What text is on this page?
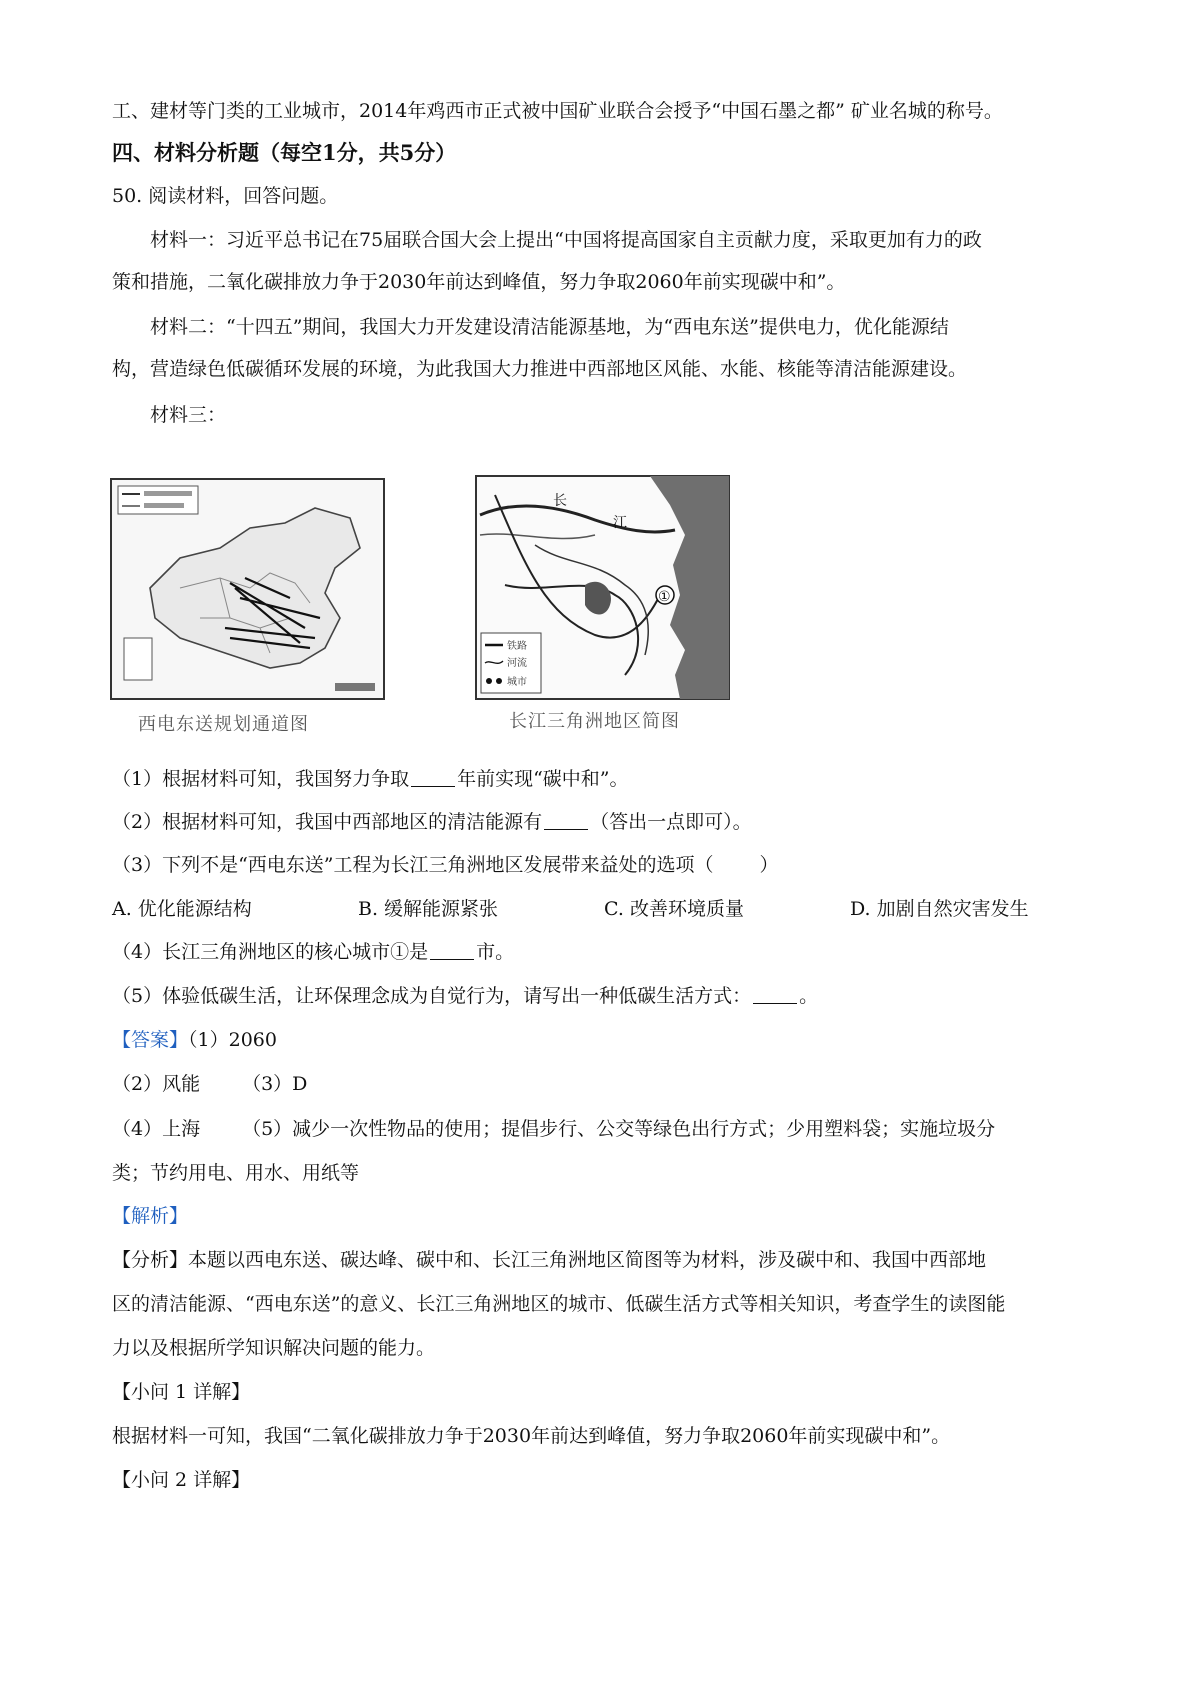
工、建材等门类的工业城市，2014年鸡西市正式被中国矿业联合会授予“中国石墨之都” 矿业名城的称号。
四、材料分析题（每空1分，共5分）
50. 阅读材料，回答问题。
材料一：习近平总书记在75届联合国大会上提出“中国将提高国家自主贡献力度，采取更加有力的政
策和措施，二氧化碳排放力争于2030年前达到峰值，努力争取2060年前实现碳中和”。
材料二：“十四五”期间，我国大力开发建设清洁能源基地，为“西电东送”提供电力，优化能源结
构，营造绿色低碳循环发展的环境，为此我国大力推进中西部地区风能、水能、核能等清洁能源建设。
材料三：
西电东送规划通道图
①
长
江
铁路
河流
城市
长江三角洲地区简图
（1）根据材料可知，我国努力争取	年前实现“碳中和”。
（2）根据材料可知，我国中西部地区的清洁能源有	（答出一点即可）。
（3）下列不是“西电东送”工程为长江三角洲地区发展带来益处的选项（ ）
A. 优化能源结构	B. 缓解能源紧张	C. 改善环境质量	D. 加剧自然灾害发生
（4）长江三角洲地区的核心城市①是	市。
（5）体验低碳生活，让环保理念成为自觉行为，请写出一种低碳生活方式：	。
【答案】（1）2060
（2）风能 （3）D
（4）上海 （5）减少一次性物品的使用；提倡步行、公交等绿色出行方式；少用塑料袋；实施垃圾分
类；节约用电、用水、用纸等
【解析】
【分析】本题以西电东送、碳达峰、碳中和、长江三角洲地区简图等为材料，涉及碳中和、我国中西部地
区的清洁能源、“西电东送”的意义、长江三角洲地区的城市、低碳生活方式等相关知识，考查学生的读图能
力以及根据所学知识解决问题的能力。
【小问 1 详解】
根据材料一可知，我国“二氧化碳排放力争于2030年前达到峰值，努力争取2060年前实现碳中和”。
【小问 2 详解】
